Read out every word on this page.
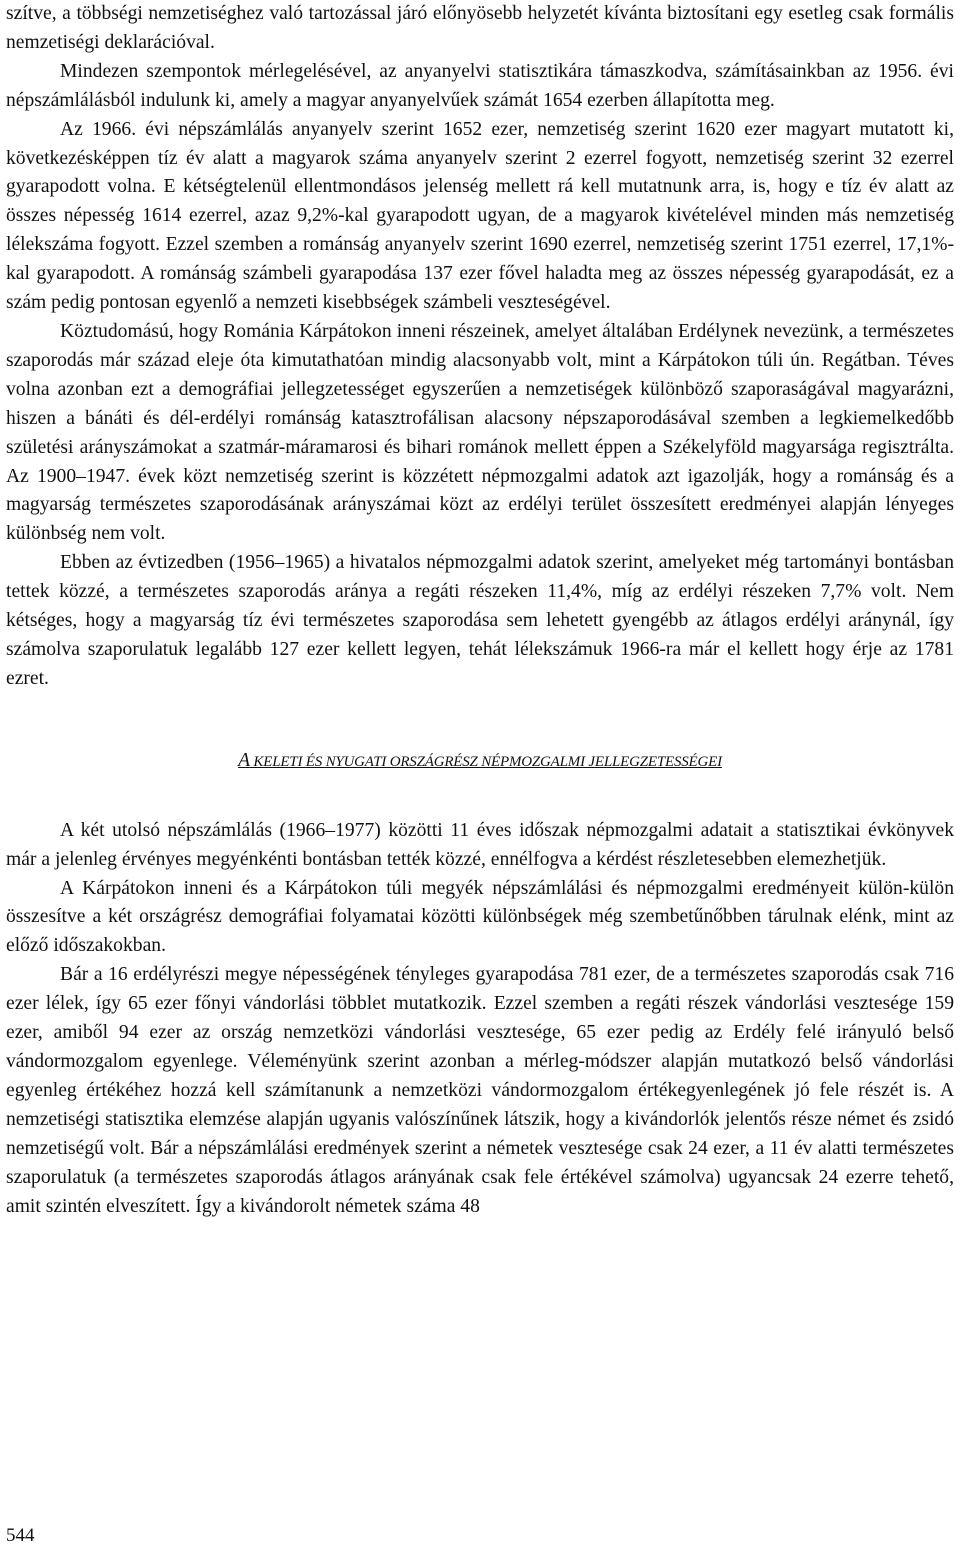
szítve, a többségi nemzetiséghez való tartozással járó előnyösebb helyzetét kívánta biztosítani egy esetleg csak formális nemzetiségi deklarációval.

Mindezen szempontok mérlegelésével, az anyanyelvi statisztikára támaszkodva, számításainkban az 1956. évi népszámlálásból indulunk ki, amely a magyar anyanyelvűek számát 1654 ezerben állapította meg.

Az 1966. évi népszámlálás anyanyelv szerint 1652 ezer, nemzetiség szerint 1620 ezer magyart mutatott ki, következésképpen tíz év alatt a magyarok száma anyanyelv szerint 2 ezerrel fogyott, nemzetiség szerint 32 ezerrel gyarapodott volna. E kétségtelenül ellentmondásos jelenség mellett rá kell mutatnunk arra, is, hogy e tíz év alatt az összes népesség 1614 ezerrel, azaz 9,2%-kal gyarapodott ugyan, de a magyarok kivételével minden más nemzetiség lélekszáma fogyott. Ezzel szemben a románság anyanyelv szerint 1690 ezerrel, nemzetiség szerint 1751 ezerrel, 17,1%-kal gyarapodott. A románság számbeli gyarapodása 137 ezer fővel haladta meg az összes népesség gyarapodását, ez a szám pedig pontosan egyenlő a nemzeti kisebbségek számbeli veszteségével.

Köztudomású, hogy Románia Kárpátokon inneni részeinek, amelyet általában Erdélynek nevezünk, a természetes szaporodás már század eleje óta kimutathatóan mindig alacsonyabb volt, mint a Kárpátokon túli ún. Regátban. Téves volna azonban ezt a demográfiai jellegzetességet egyszerűen a nemzetiségek különböző szaporaságával magyarázni, hiszen a bánáti és dél-erdélyi románság katasztrofálisan alacsony népszaporodásával szemben a legkiemelkedőbb születési arányszámokat a szatmár-máramarosi és bihari románok mellett éppen a Székelyföld magyarsága regisztrálta. Az 1900–1947. évek közt nemzetiség szerint is közzétett népmozgalmi adatok azt igazolják, hogy a románság és a magyarság természetes szaporodásának arányszámai közt az erdélyi terület összesített eredményei alapján lényeges különbség nem volt.

Ebben az évtizedben (1956–1965) a hivatalos népmozgalmi adatok szerint, amelyeket még tartományi bontásban tettek közzé, a természetes szaporodás aránya a regáti részeken 11,4%, míg az erdélyi részeken 7,7% volt. Nem kétséges, hogy a magyarság tíz évi természetes szaporodása sem lehetett gyengébb az átlagos erdélyi aránynál, így számolva szaporulatuk legalább 127 ezer kellett legyen, tehát lélekszámuk 1966-ra már el kellett hogy érje az 1781 ezret.

A KELETI ÉS NYUGATI ORSZÁGRÉSZ NÉPMOZGALMI JELLEGZETESSÉGEI

A két utolsó népszámlálás (1966–1977) közötti 11 éves időszak népmozgalmi adatait a statisztikai évkönyvek már a jelenleg érvényes megyénkénti bontásban tették közzé, ennélfogva a kérdést részletesebben elemezhetjük.

A Kárpátokon inneni és a Kárpátokon túli megyék népszámlálási és népmozgalmi eredményeit külön-külön összesítve a két országrész demográfiai folyamatai közötti különbségek még szembetűnőbben tárulnak elénk, mint az előző időszakokban.

Bár a 16 erdélyrészi megye népességének tényleges gyarapodása 781 ezer, de a természetes szaporodás csak 716 ezer lélek, így 65 ezer főnyi vándorlási többlet mutatkozik. Ezzel szemben a regáti részek vándorlási vesztesége 159 ezer, amiből 94 ezer az ország nemzetközi vándorlási vesztesége, 65 ezer pedig az Erdély felé irányuló belső vándormozgalom egyenlege. Véleményünk szerint azonban a mérleg-módszer alapján mutatkozó belső vándorlási egyenleg értékéhez hozzá kell számítanunk a nemzetközi vándormozgalom értékegyenlegének jó fele részét is. A nemzetiségi statisztika elemzése alapján ugyanis valószínűnek látszik, hogy a kivándorlók jelentős része német és zsidó nemzetiségű volt. Bár a népszámlálási eredmények szerint a németek vesztesége csak 24 ezer, a 11 év alatti természetes szaporulatuk (a természetes szaporodás átlagos arányának csak fele értékével számolva) ugyancsak 24 ezerre tehető, amit szintén elveszített. Így a kivándorolt németek száma 48

544
